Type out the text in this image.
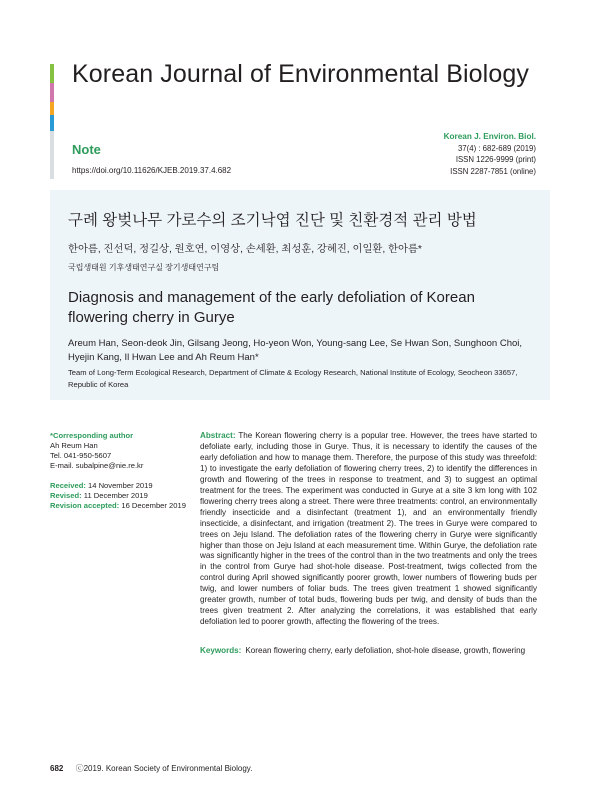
Korean Journal of Environmental Biology
Note
https://doi.org/10.11626/KJEB.2019.37.4.682
Korean J. Environ. Biol.
37(4) : 682-689 (2019)
ISSN 1226-9999 (print)
ISSN 2287-7851 (online)
구례 왕벚나무 가로수의 조기낙엽 진단 및 친환경적 관리 방법
한아름, 진선덕, 정길상, 원호연, 이영상, 손세환, 최성훈, 강혜진, 이일환, 한아름*
국립생태원 기후생태연구실 장기생태연구팀
Diagnosis and management of the early defoliation of Korean flowering cherry in Gurye
Areum Han, Seon-deok Jin, Gilsang Jeong, Ho-yeon Won, Young-sang Lee, Se Hwan Son, Sunghoon Choi, Hyejin Kang, Il Hwan Lee and Ah Reum Han*
Team of Long-Term Ecological Research, Department of Climate & Ecology Research, National Institute of Ecology, Seocheon 33657, Republic of Korea
*Corresponding author
Ah Reum Han
Tel. 041-950-5607
E-mail. subalpine@nie.re.kr
Received: 14 November 2019
Revised: 11 December 2019
Revision accepted: 16 December 2019

Abstract: The Korean flowering cherry is a popular tree. However, the trees have started to defoliate early, including those in Gurye. Thus, it is necessary to identify the causes of the early defoliation and how to manage them. Therefore, the purpose of this study was threefold: 1) to investigate the early defoliation of flowering cherry trees, 2) to identify the differences in growth and flowering of the trees in response to treatment, and 3) to suggest an optimal treatment for the trees. The experiment was conducted in Gurye at a site 3 km long with 102 flowering cherry trees along a street. There were three treatments: control, an environmentally friendly insecticide and a disinfectant (treatment 1), and an environmentally friendly insecticide, a disinfectant, and irrigation (treatment 2). The trees in Gurye were compared to trees on Jeju Island. The defoliation rates of the flowering cherry in Gurye were significantly higher than those on Jeju Island at each measurement time. Within Gurye, the defoliation rate was significantly higher in the trees of the control than in the two treatments and only the trees in the control from Gurye had shot-hole disease. Post-treatment, twigs collected from the control during April showed significantly poorer growth, lower numbers of flowering buds per twig, and lower numbers of foliar buds. The trees given treatment 1 showed significantly greater growth, number of total buds, flowering buds per twig, and density of buds than the trees given treatment 2. After analyzing the correlations, it was established that early defoliation led to poorer growth, affecting the flowering of the trees.

Keywords: Korean flowering cherry, early defoliation, shot-hole disease, growth, flowering
682 ⓒ2019. Korean Society of Environmental Biology.
